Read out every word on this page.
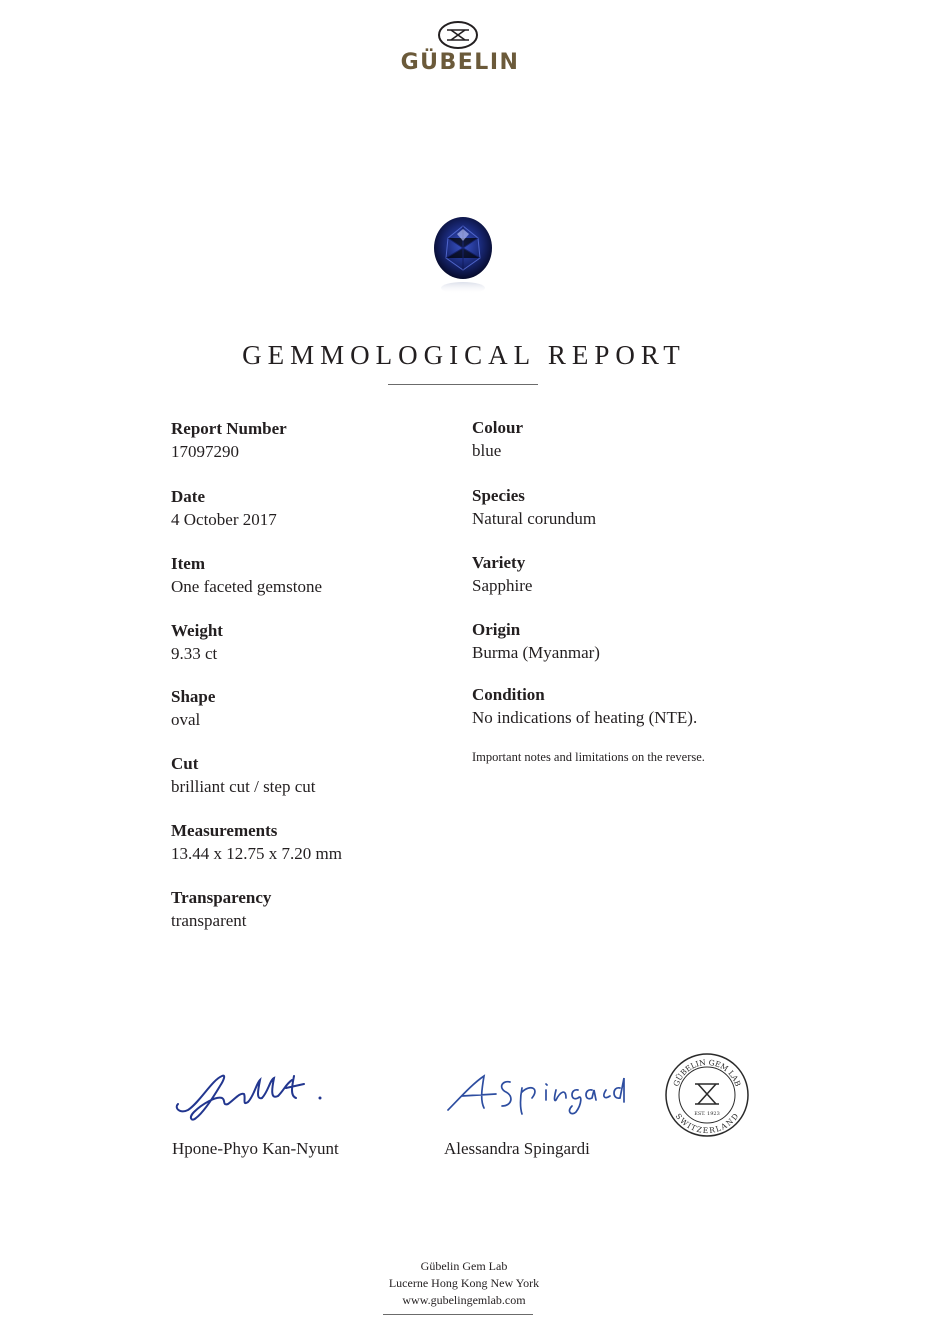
GÜBELIN
GEMMOLOGICAL REPORT
Report Number
17097290
Date
4 October 2017
Item
One faceted gemstone
Weight
9.33 ct
Shape
oval
Cut
brilliant cut / step cut
Measurements
13.44 x 12.75 x 7.20 mm
Transparency
transparent
Colour
blue
Species
Natural corundum
Variety
Sapphire
Origin
Burma (Myanmar)
Condition
No indications of heating (NTE).
Important notes and limitations on the reverse.
Hpone-Phyo Kan-Nyunt	Alessandra Spingardi
GÜBELIN GEM LAB
SWITZERLAND
EST. 1923
Gübelin Gem Lab
Lucerne Hong Kong New York
www.gubelingemlab.com
